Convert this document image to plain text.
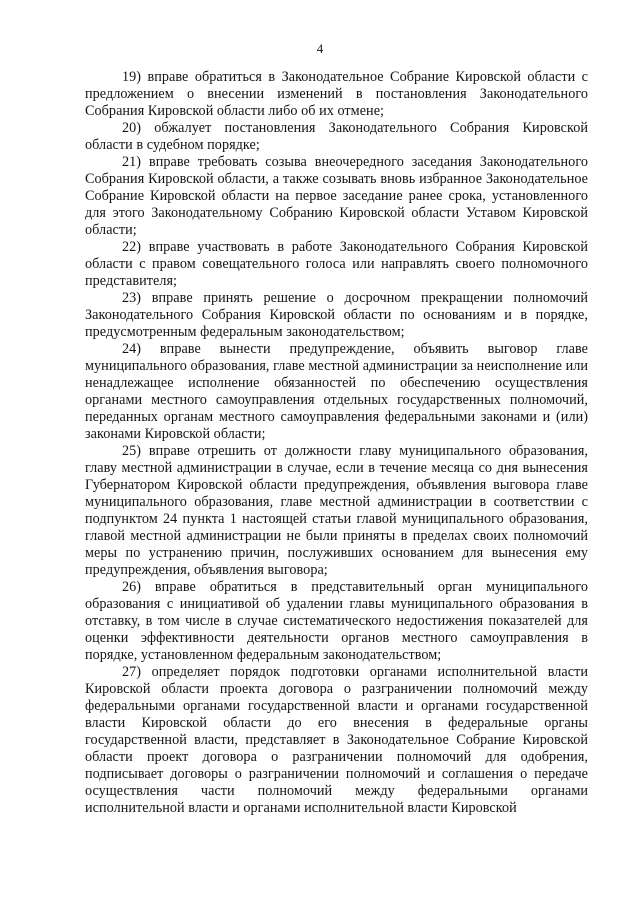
4

19) вправе обратиться в Законодательное Собрание Кировской области с предложением о внесении изменений в постановления Законодательного Собрания Кировской области либо об их отмене;

20) обжалует постановления Законодательного Собрания Кировской области в судебном порядке;

21) вправе требовать созыва внеочередного заседания Законодательного Собрания Кировской области, а также созывать вновь избранное Законодательное Собрание Кировской области на первое заседание ранее срока, установленного для этого Законодательному Собранию Кировской области Уставом Кировской области;

22) вправе участвовать в работе Законодательного Собрания Кировской области с правом совещательного голоса или направлять своего полномочного представителя;

23) вправе принять решение о досрочном прекращении полномочий Законодательного Собрания Кировской области по основаниям и в порядке, предусмотренным федеральным законодательством;

24) вправе вынести предупреждение, объявить выговор главе муниципального образования, главе местной администрации за неисполнение или ненадлежащее исполнение обязанностей по обеспечению осуществления органами местного самоуправления отдельных государственных полномочий, переданных органам местного самоуправления федеральными законами и (или) законами Кировской области;

25) вправе отрешить от должности главу муниципального образования, главу местной администрации в случае, если в течение месяца со дня вынесения Губернатором Кировской области предупреждения, объявления выговора главе муниципального образования, главе местной администрации в соответствии с подпунктом 24 пункта 1 настоящей статьи главой муниципального образования, главой местной администрации не были приняты в пределах своих полномочий меры по устранению причин, послуживших основанием для вынесения ему предупреждения, объявления выговора;

26) вправе обратиться в представительный орган муниципального образования с инициативой об удалении главы муниципального образования в отставку, в том числе в случае систематического недостижения показателей для оценки эффективности деятельности органов местного самоуправления в порядке, установленном федеральным законодательством;

27) определяет порядок подготовки органами исполнительной власти Кировской области проекта договора о разграничении полномочий между федеральными органами государственной власти и органами государственной власти Кировской области до его внесения в федеральные органы государственной власти, представляет в Законодательное Собрание Кировской области проект договора о разграничении полномочий для одобрения, подписывает договоры о разграничении полномочий и соглашения о передаче осуществления части полномочий между федеральными органами исполнительной власти и органами исполнительной власти Кировской
